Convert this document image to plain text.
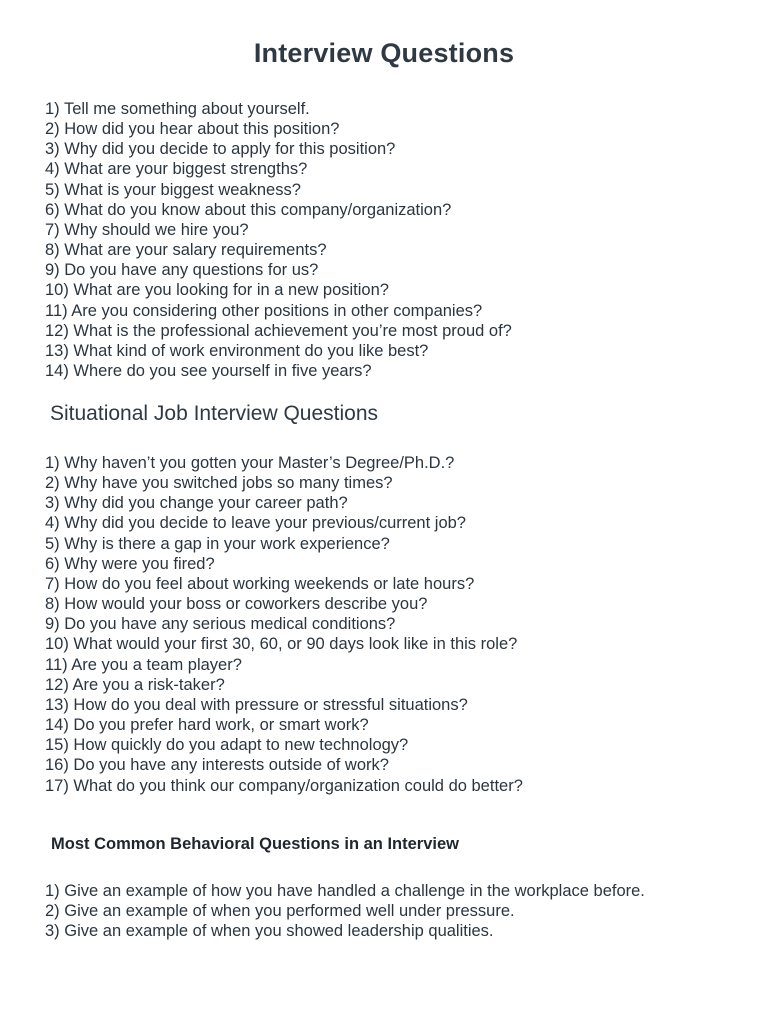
Interview Questions
1) Tell me something about yourself.
2) How did you hear about this position?
3) Why did you decide to apply for this position?
4) What are your biggest strengths?
5) What is your biggest weakness?
6) What do you know about this company/organization?
7) Why should we hire you?
8) What are your salary requirements?
9) Do you have any questions for us?
10) What are you looking for in a new position?
11) Are you considering other positions in other companies?
12) What is the professional achievement you’re most proud of?
13) What kind of work environment do you like best?
14) Where do you see yourself in five years?
Situational Job Interview Questions
1) Why haven’t you gotten your Master’s Degree/Ph.D.?
2) Why have you switched jobs so many times?
3) Why did you change your career path?
4) Why did you decide to leave your previous/current job?
5) Why is there a gap in your work experience?
6) Why were you fired?
7) How do you feel about working weekends or late hours?
8) How would your boss or coworkers describe you?
9) Do you have any serious medical conditions?
10) What would your first 30, 60, or 90 days look like in this role?
11) Are you a team player?
12) Are you a risk-taker?
13) How do you deal with pressure or stressful situations?
14) Do you prefer hard work, or smart work?
15) How quickly do you adapt to new technology?
16) Do you have any interests outside of work?
17) What do you think our company/organization could do better?
Most Common Behavioral Questions in an Interview
1) Give an example of how you have handled a challenge in the workplace before.
2) Give an example of when you performed well under pressure.
3) Give an example of when you showed leadership qualities.
